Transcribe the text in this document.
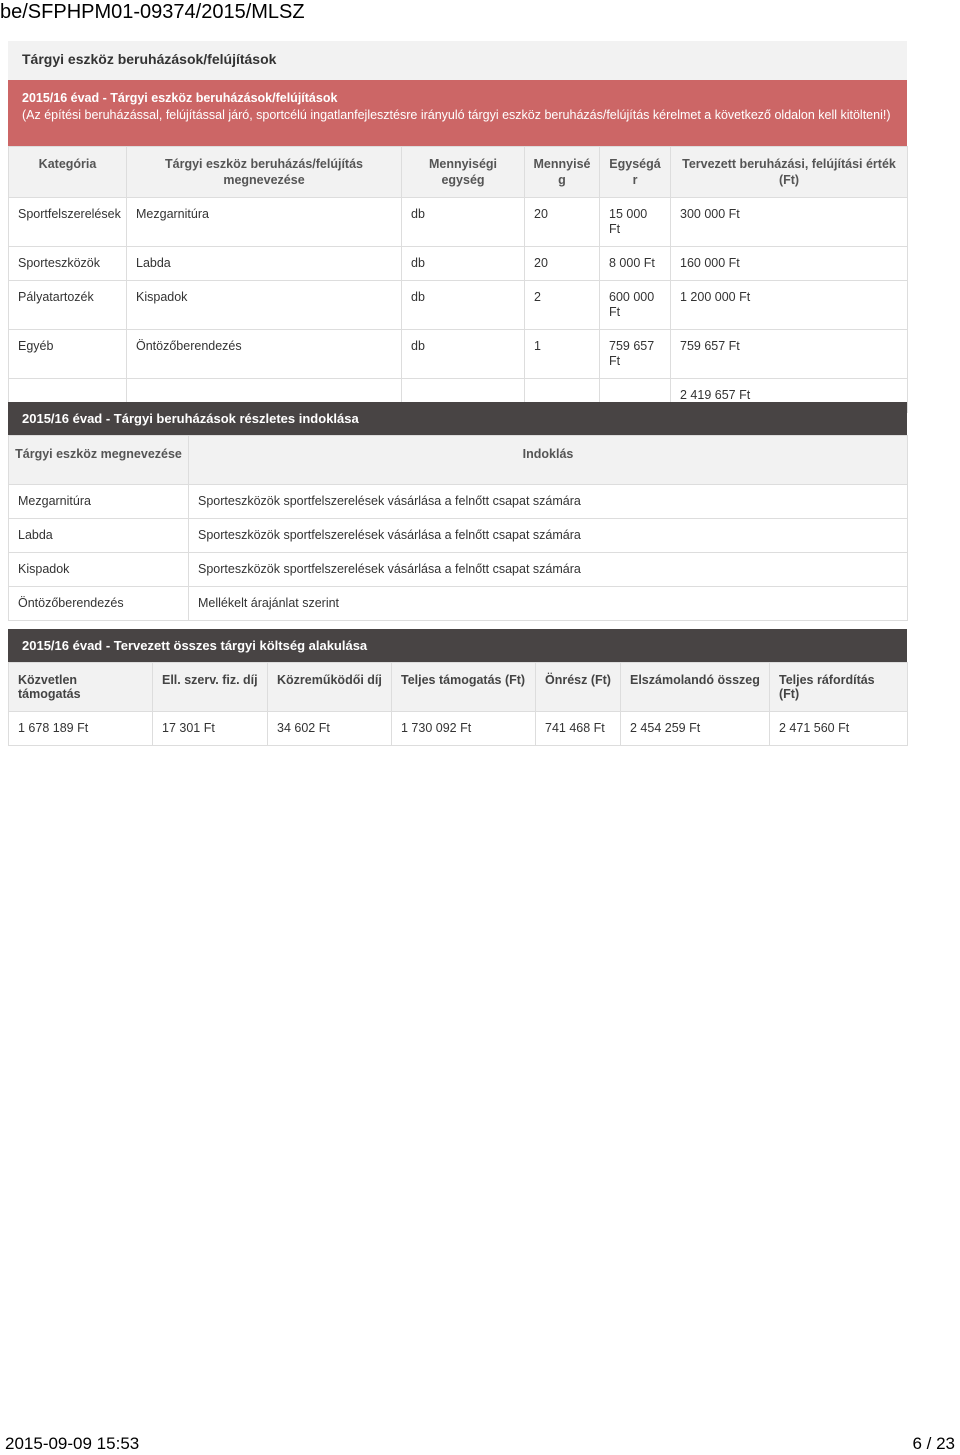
be/SFPHPM01-09374/2015/MLSZ
Tárgyi eszköz beruházások/felújítások
2015/16 évad - Tárgyi eszköz beruházások/felújítások
(Az építési beruházással, felújítással járó, sportcélú ingatlanfejlesztésre irányuló tárgyi eszköz beruházás/felújítás kérelmet a következő oldalon kell kitölteni!)
Kategória	Tárgyi eszköz beruházás/felújítás megnevezése	Mennyiségi egység	Mennyisé g	Egységá r	Tervezett beruházási, felújítási érték (Ft)
Sportfelszerelések	Mezgarnitúra	db	20	15 000 Ft	300 000 Ft
Sporteszközök	Labda	db	20	8 000 Ft	160 000 Ft
Pályatartozék	Kispadok	db	2	600 000 Ft	1 200 000 Ft
Egyéb	Öntözőberendezés	db	1	759 657 Ft	759 657 Ft
					2 419 657 Ft
2015/16 évad - Tárgyi beruházások részletes indoklása
Tárgyi eszköz megnevezése	Indoklás
Mezgarnitúra	Sporteszközök sportfelszerelések vásárlása a felnőtt csapat számára
Labda	Sporteszközök sportfelszerelések vásárlása a felnőtt csapat számára
Kispadok	Sporteszközök sportfelszerelések vásárlása a felnőtt csapat számára
Öntözőberendezés	Mellékelt árajánlat szerint
2015/16 évad - Tervezett összes tárgyi költség alakulása
Közvetlen támogatás	Ell. szerv. fiz. díj	Közreműködői díj	Teljes támogatás (Ft)	Önrész (Ft)	Elszámolandó összeg	Teljes ráfordítás (Ft)
1 678 189 Ft	17 301 Ft	34 602 Ft	1 730 092 Ft	741 468 Ft	2 454 259 Ft	2 471 560 Ft
2015-09-09 15:53	6 / 23
